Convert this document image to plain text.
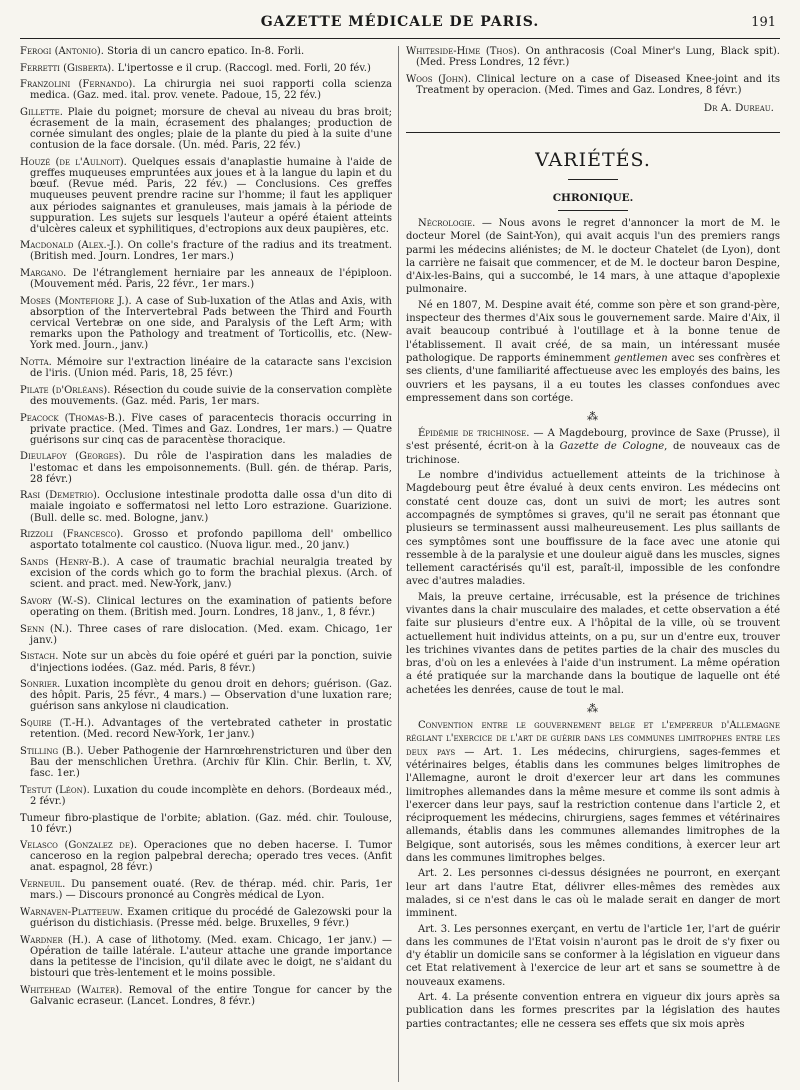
GAZETTE MÉDICALE DE PARIS.	191

Ferogi (Antonio). Storia di un cancro epatico. In-8. Forli.

Ferretti (Gisberta). L'ipertosse e il crup. (Raccogl. med. Forli, 20 fév.)

Franzolini (Fernando). La chirurgia nei suoi rapporti colla scienza medica. (Gaz. med. ital. prov. venete. Padoue, 15, 22 fév.)

Gillette. Plaie du poignet; morsure de cheval au niveau du bras broit; écrasement de la main, écrasement des phalanges; production de cornée simulant des ongles; plaie de la plante du pied à la suite d'une contusion de la face dorsale. (Un. méd. Paris, 22 fév.)

Houzé (de l'Aulnoit). Quelques essais d'anaplastie humaine à l'aide de greffes muqueuses empruntées aux joues et à la langue du lapin et du bœuf. (Revue méd. Paris, 22 fév.) — Conclusions. Ces greffes muqueuses peuvent prendre racine sur l'homme; il faut les appliquer aux périodes saignantes et granuleuses, mais jamais à la période de suppuration. Les sujets sur lesquels l'auteur a opéré étaient atteints d'ulcères caleux et syphilitiques, d'ectropions aux deux paupières, etc.

Macdonald (Alex.-J.). On colle's fracture of the radius and its treatment. (British med. Journ. Londres, 1er mars.)

Margano. De l'étranglement herniaire par les anneaux de l'épiploon. (Mouvement méd. Paris, 22 févr., 1er mars.)

Moses (Montefiore J.). A case of Sub-luxation of the Atlas and Axis, with absorption of the Intervertebral Pads between the Third and Fourth cervical Vertebræ on one side, and Paralysis of the Left Arm; with remarks upon the Pathology and treatment of Torticollis, etc. (New-York med. Journ., janv.)

Notta. Mémoire sur l'extraction linéaire de la cataracte sans l'excision de l'iris. (Union méd. Paris, 18, 25 févr.)

Pilate (d'Orléans). Résection du coude suivie de la conservation complète des mouvements. (Gaz. méd. Paris, 1er mars.

Peacock (Thomas-B.). Five cases of paracentecis thoracis occurring in private practice. (Med. Times and Gaz. Londres, 1er mars.) — Quatre guérisons sur cinq cas de paracentèse thoracique.

Dieulafoy (Georges). Du rôle de l'aspiration dans les maladies de l'estomac et dans les empoisonnements. (Bull. gén. de thérap. Paris, 28 févr.)

Rasi (Demetrio). Occlusione intestinale prodotta dalle ossa d'un dito di maiale ingoiato e soffermatosi nel letto Loro estrazione. Guarizione. (Bull. delle sc. med. Bologne, janv.)

Rizzoli (Francesco). Grosso et profondo papilloma dell' ombellico asportato totalmente col caustico. (Nuova ligur. med., 20 janv.)

Sands (Henry-B.). A case of traumatic brachial neuralgia treated by excision of the cords which go to form the brachial plexus. (Arch. of scient. and pract. med. New-York, janv.)

Savory (W.-S). Clinical lectures on the examination of patients before operating on them. (British med. Journ. Londres, 18 janv., 1, 8 févr.)

Senn (N.). Three cases of rare dislocation. (Med. exam. Chicago, 1er janv.)

Sistach. Note sur un abcès du foie opéré et guéri par la ponction, suivie d'injections iodées. (Gaz. méd. Paris, 8 févr.)

Sonrier. Luxation incomplète du genou droit en dehors; guérison. (Gaz. des hôpit. Paris, 25 févr., 4 mars.) — Observation d'une luxation rare; guérison sans ankylose ni claudication.

Squire (T.-H.). Advantages of the vertebrated catheter in prostatic retention. (Med. record New-York, 1er janv.)

Stilling (B.). Ueber Pathogenie der Harnrœhrenstricturen und über den Bau der menschlichen Urethra. (Archiv für Klin. Chir. Berlin, t. XV, fasc. 1er.)

Testut (Léon). Luxation du coude incomplète en dehors. (Bordeaux méd., 2 févr.)

Tumeur fibro-plastique de l'orbite; ablation. (Gaz. méd. chir. Toulouse, 10 févr.)

Velasco (Gonzalez de). Operaciones que no deben hacerse. I. Tumor canceroso en la region palpebral derecha; operado tres veces. (Anfit anat. espagnol, 28 févr.)

Verneuil. Du pansement ouaté. (Rev. de thérap. méd. chir. Paris, 1er mars.) — Discours prononcé au Congrès médical de Lyon.

Warnaven-Platteeuw. Examen critique du procédé de Galezowski pour la guérison du distichiasis. (Presse méd. belge. Bruxelles, 9 févr.)

Wardner (H.). A case of lithotomy. (Med. exam. Chicago, 1er janv.) — Opération de taille latérale. L'auteur attache une grande importance dans la petitesse de l'incision, qu'il dilate avec le doigt, ne s'aidant du bistouri que très-lentement et le moins possible.

Whitehead (Walter). Removal of the entire Tongue for cancer by the Galvanic ecraseur. (Lancet. Londres, 8 févr.)

Whiteside-Hime (Thos). On anthracosis (Coal Miner's Lung, Black spit). (Med. Press Londres, 12 févr.)

Woos (John). Clinical lecture on a case of Diseased Knee-joint and its Treatment by operacion. (Med. Times and Gaz. Londres, 8 févr.)

Dr A. Dureau.
VARIÉTÉS.
CHRONIQUE.

Nécrologie. — Nous avons le regret d'annoncer la mort de M. le docteur Morel (de Saint-Yon), qui avait acquis l'un des premiers rangs parmi les médecins aliénistes; de M. le docteur Chatelet (de Lyon), dont la carrière ne faisait que commencer, et de M. le docteur baron Despine, d'Aix-les-Bains, qui a succombé, le 14 mars, à une attaque d'apoplexie pulmonaire.

Né en 1807, M. Despine avait été, comme son père et son grand-père, inspecteur des thermes d'Aix sous le gouvernement sarde. Maire d'Aix, il avait beaucoup contribué à l'outillage et à la bonne tenue de l'établissement. Il avait créé, de sa main, un intéressant musée pathologique. De rapports éminemment gentlemen avec ses confrères et ses clients, d'une familiarité affectueuse avec les employés des bains, les ouvriers et les paysans, il a eu toutes les classes confondues avec empressement dans son cortége.

⁂

Épidémie de trichinose. — A Magdebourg, province de Saxe (Prusse), il s'est présenté, écrit-on à la Gazette de Cologne, de nouveaux cas de trichinose.

Le nombre d'individus actuellement atteints de la trichinose à Magdebourg peut être évalué à deux cents environ. Les médecins ont constaté cent douze cas, dont un suivi de mort; les autres sont accompagnés de symptômes si graves, qu'il ne serait pas étonnant que plusieurs se terminassent aussi malheureusement. Les plus saillants de ces symptômes sont une bouffissure de la face avec une atonie qui ressemble à de la paralysie et une douleur aiguë dans les muscles, signes tellement caractérisés qu'il est, paraît-il, impossible de les confondre avec d'autres maladies.

Mais, la preuve certaine, irrécusable, est la présence de trichines vivantes dans la chair musculaire des malades, et cette observation a été faite sur plusieurs d'entre eux. A l'hôpital de la ville, où se trouvent actuellement huit individus atteints, on a pu, sur un d'entre eux, trouver les trichines vivantes dans de petites parties de la chair des muscles du bras, d'où on les a enlevées à l'aide d'un instrument. La même opération a été pratiquée sur la marchande dans la boutique de laquelle ont été achetées les denrées, cause de tout le mal.

⁂

Convention entre le gouvernement belge et l'empereur d'Allemagne réglant l'exercice de l'art de guérir dans les communes limitrophes entre les deux pays — Art. 1. Les médecins, chirurgiens, sages-femmes et vétérinaires belges, établis dans les communes belges limitrophes de l'Allemagne, auront le droit d'exercer leur art dans les communes limitrophes allemandes dans la même mesure et comme ils sont admis à l'exercer dans leur pays, sauf la restriction contenue dans l'article 2, et réciproquement les médecins, chirurgiens, sages femmes et vétérinaires allemands, établis dans les communes allemandes limitrophes de la Belgique, sont autorisés, sous les mêmes conditions, à exercer leur art dans les communes limitrophes belges.

Art. 2. Les personnes ci-dessus désignées ne pourront, en exerçant leur art dans l'autre Etat, délivrer elles-mêmes des remèdes aux malades, si ce n'est dans le cas où le malade serait en danger de mort imminent.

Art. 3. Les personnes exerçant, en vertu de l'article 1er, l'art de guérir dans les communes de l'Etat voisin n'auront pas le droit de s'y fixer ou d'y établir un domicile sans se conformer à la législation en vigueur dans cet Etat relativement à l'exercice de leur art et sans se soumettre à de nouveaux examens.

Art. 4. La présente convention entrera en vigueur dix jours après sa publication dans les formes prescrites par la législation des hautes parties contractantes; elle ne cessera ses effets que six mois après
